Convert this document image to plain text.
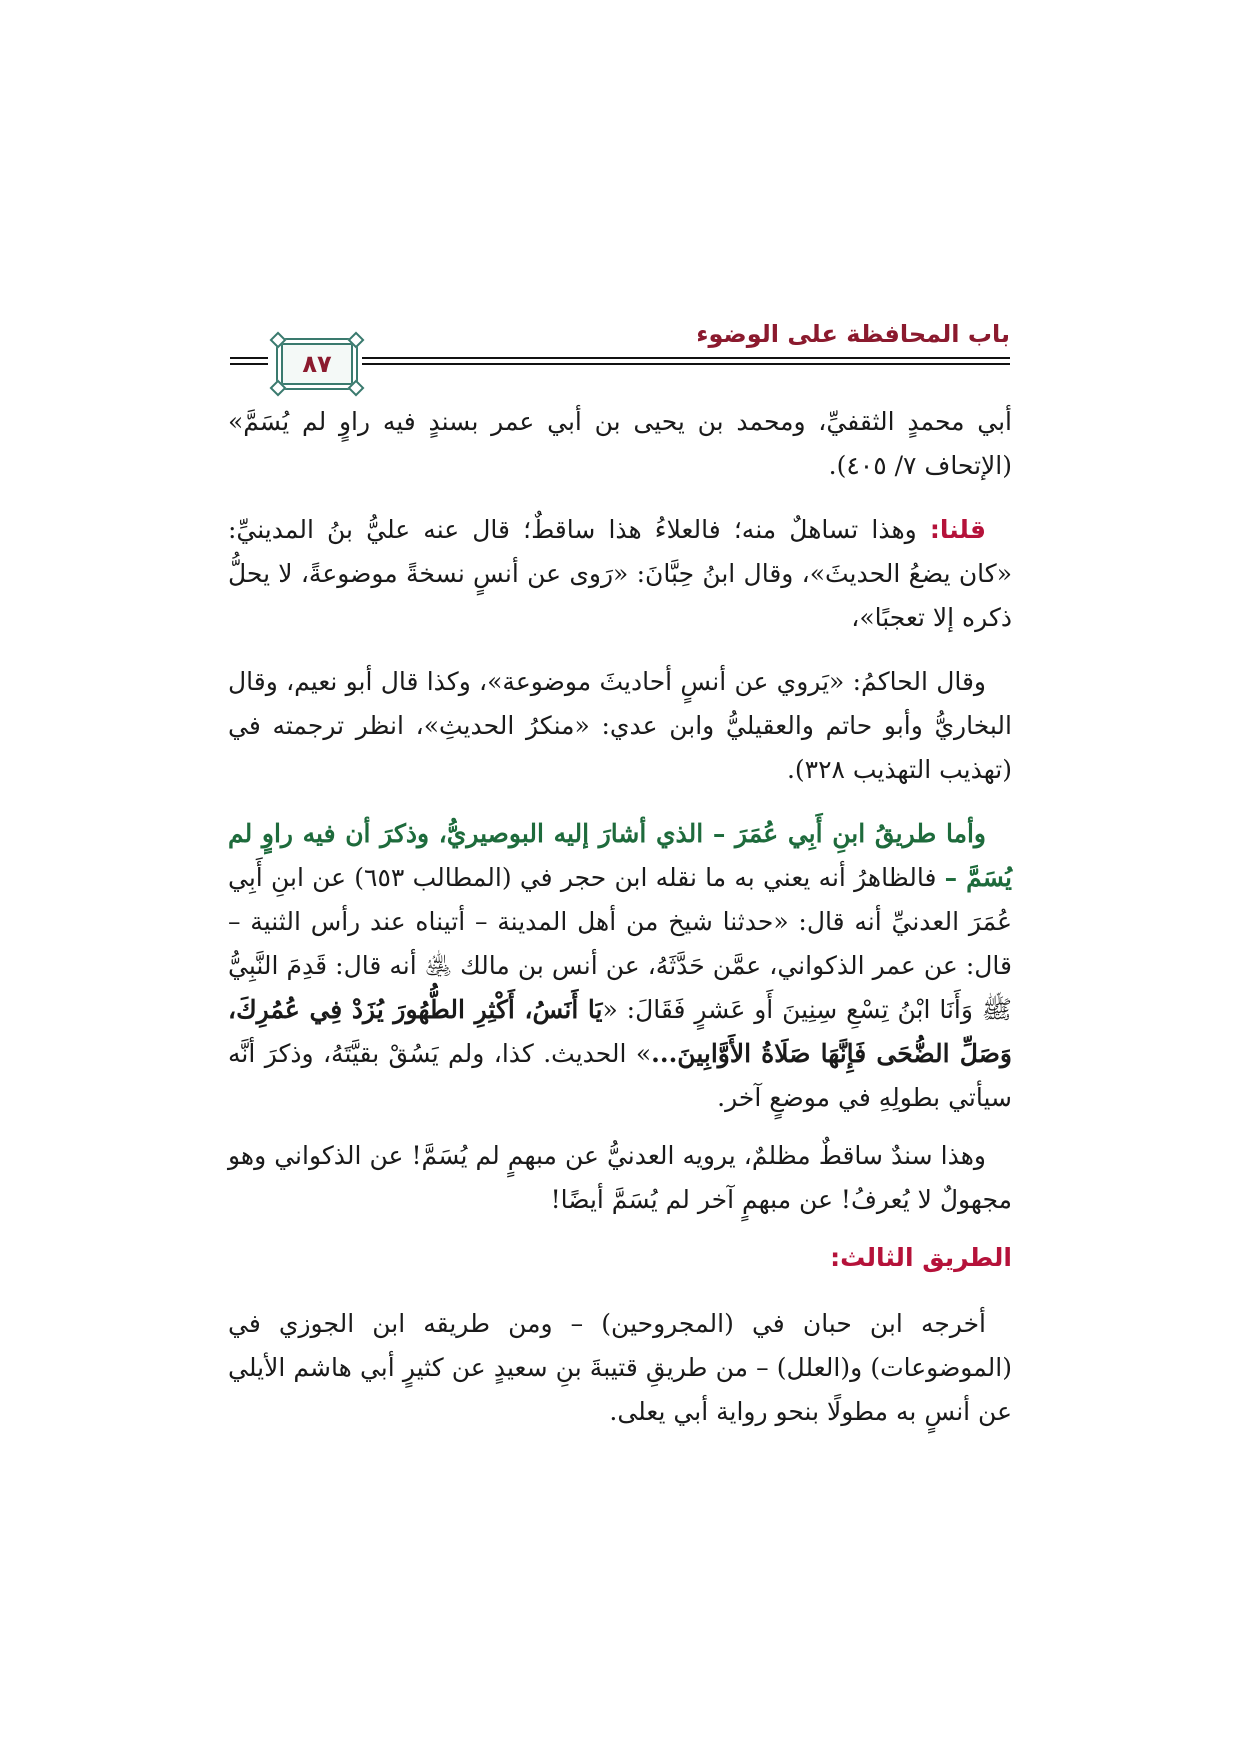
باب المحافظة على الوضوء
٨٧

أبي محمدٍ الثقفيِّ، ومحمد بن يحيى بن أبي عمر بسندٍ فيه راوٍ لم يُسَمَّ» (الإتحاف ٧/ ٤٠٥).

قلنا: وهذا تساهلٌ منه؛ فالعلاءُ هذا ساقطٌ؛ قال عنه عليُّ بنُ المدينيِّ: «كان يضعُ الحديثَ»، وقال ابنُ حِبَّانَ: «رَوى عن أنسٍ نسخةً موضوعةً، لا يحلُّ ذكره إلا تعجبًا»،

وقال الحاكمُ: «يَروي عن أنسٍ أحاديثَ موضوعة»، وكذا قال أبو نعيم، وقال البخاريُّ وأبو حاتم والعقيليُّ وابن عدي: «منكرُ الحديثِ»، انظر ترجمته في (تهذيب التهذيب ٣٢٨).

وأما طريقُ ابنِ أَبِي عُمَرَ – الذي أشارَ إليه البوصيريُّ، وذكرَ أن فيه راوٍ لم يُسَمَّ – فالظاهرُ أنه يعني به ما نقله ابن حجر في (المطالب ٦٥٣) عن ابنِ أَبِي عُمَرَ العدنيِّ أنه قال: «حدثنا شيخ من أهل المدينة – أتيناه عند رأس الثنية – قال: عن عمر الذكواني، عمَّن حَدَّثَهُ، عن أنس بن مالك ﵁ أنه قال: قَدِمَ النَّبِيُّ ﷺ وَأَنَا ابْنُ تِسْعِ سِنِينَ أَو عَشرٍ فَقَالَ: «يَا أَنَسُ، أَكْثِرِ الطُّهُورَ يُزَدْ فِي عُمُرِكَ، وَصَلِّ الضُّحَى فَإِنَّهَا صَلَاةُ الأَوَّابِينَ...» الحديث. كذا، ولم يَسُقْ بقيَّتَهُ، وذكرَ أنَّه سيأتي بطولِهِ في موضعٍ آخر.

وهذا سندٌ ساقطٌ مظلمٌ، يرويه العدنيُّ عن مبهمٍ لم يُسَمَّ! عن الذكواني وهو مجهولٌ لا يُعرفُ! عن مبهمٍ آخر لم يُسَمَّ أيضًا!

الطريق الثالث:

أخرجه ابن حبان في (المجروحين) – ومن طريقه ابن الجوزي في (الموضوعات) و(العلل) – من طريقِ قتيبةَ بنِ سعيدٍ عن كثيرٍ أبي هاشم الأيلي عن أنسٍ به مطولًا بنحو رواية أبي يعلى.
